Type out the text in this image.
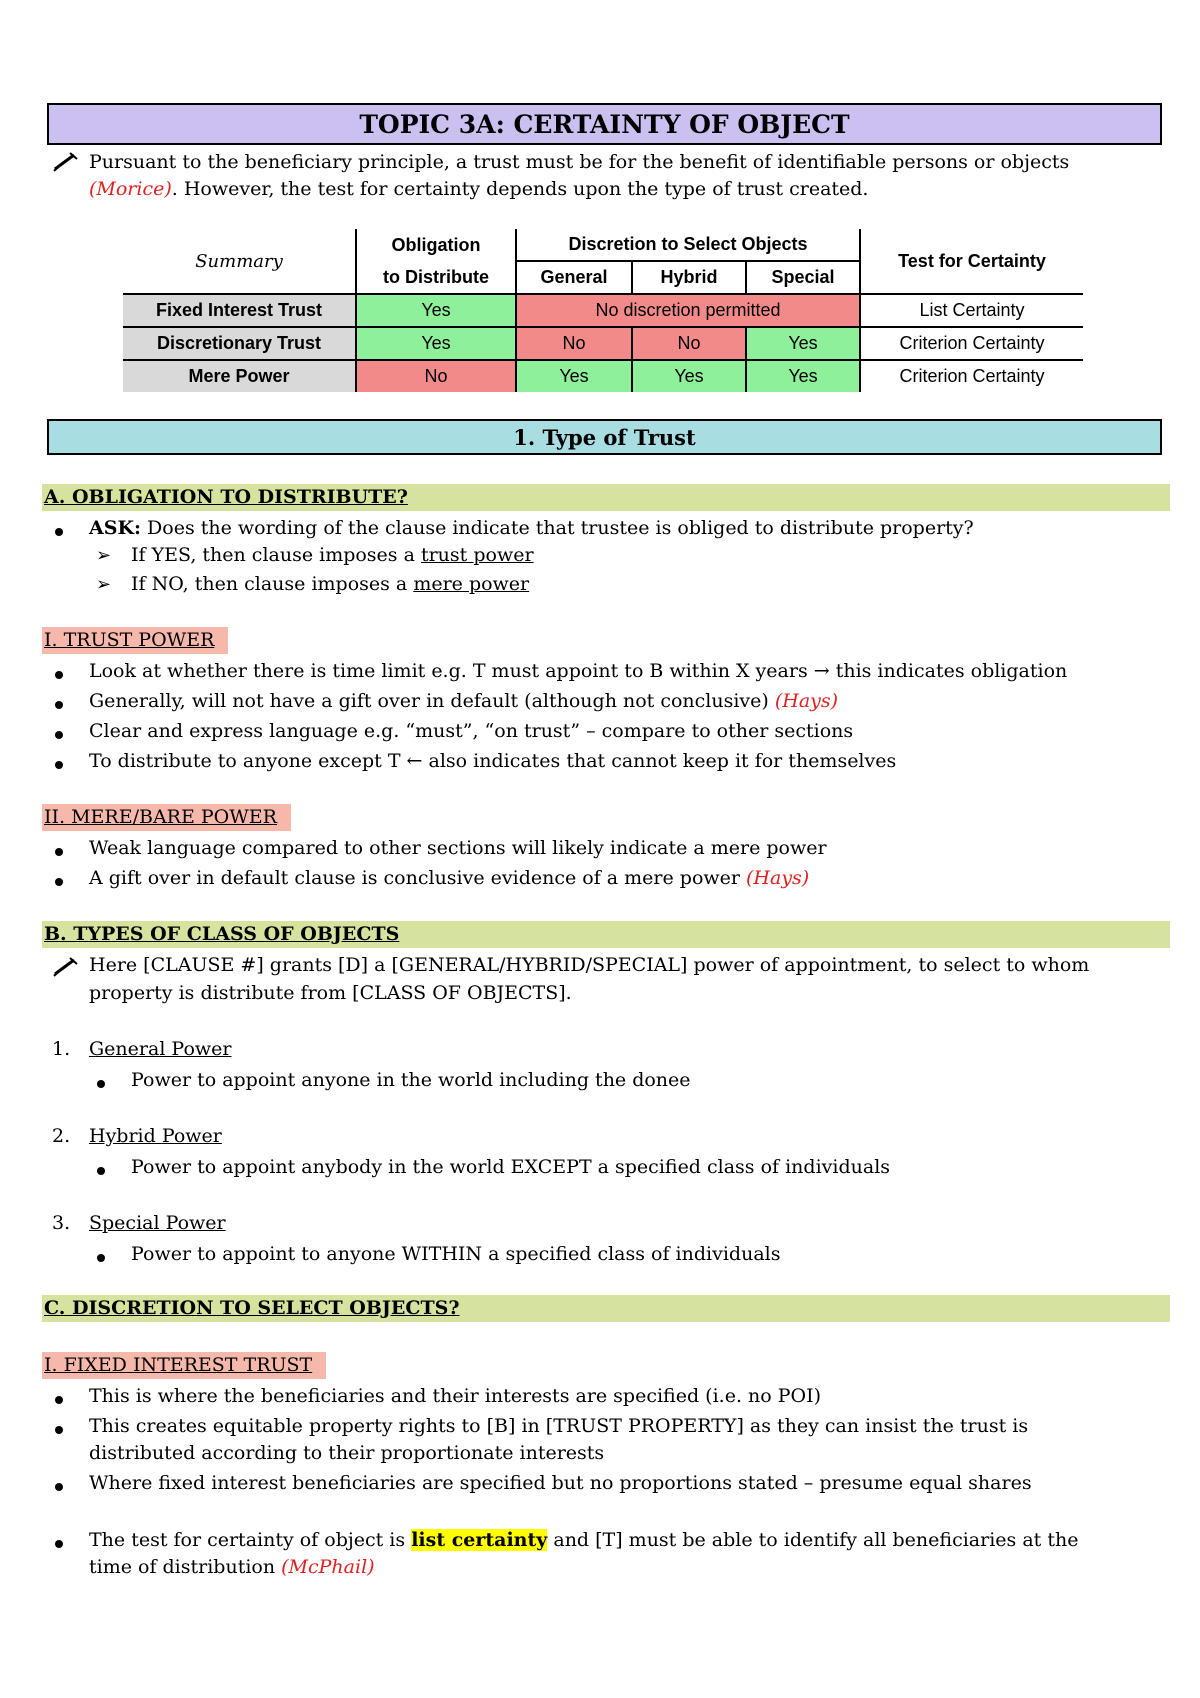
TOPIC 3A: CERTAINTY OF OBJECT
Pursuant to the beneficiary principle, a trust must be for the benefit of identifiable persons or objects
(Morice). However, the test for certainty depends upon the type of trust created.
Summary	Obligation	Discretion to Select Objects			Test for Certainty
	to Distribute	General	Hybrid	Special	
Fixed Interest Trust	Yes	No discretion permitted			List Certainty
Discretionary Trust	Yes	No	No	Yes	Criterion Certainty
Mere Power	No	Yes	Yes	Yes	Criterion Certainty
1. Type of Trust
A. OBLIGATION TO DISTRIBUTE?
ASK: Does the wording of the clause indicate that trustee is obliged to distribute property?
➢ If YES, then clause imposes a trust power
➢ If NO, then clause imposes a mere power
I. TRUST POWER
Look at whether there is time limit e.g. T must appoint to B within X years → this indicates obligation
Generally, will not have a gift over in default (although not conclusive) (Hays)
Clear and express language e.g. “must”, “on trust” – compare to other sections
To distribute to anyone except T ← also indicates that cannot keep it for themselves
II. MERE/BARE POWER
Weak language compared to other sections will likely indicate a mere power
A gift over in default clause is conclusive evidence of a mere power (Hays)
B. TYPES OF CLASS OF OBJECTS
Here [CLAUSE #] grants [D] a [GENERAL/HYBRID/SPECIAL] power of appointment, to select to whom
property is distribute from [CLASS OF OBJECTS].
1. General Power
Power to appoint anyone in the world including the donee
2. Hybrid Power
Power to appoint anybody in the world EXCEPT a specified class of individuals
3. Special Power
Power to appoint to anyone WITHIN a specified class of individuals
C. DISCRETION TO SELECT OBJECTS?
I. FIXED INTEREST TRUST
This is where the beneficiaries and their interests are specified (i.e. no POI)
This creates equitable property rights to [B] in [TRUST PROPERTY] as they can insist the trust is
distributed according to their proportionate interests
Where fixed interest beneficiaries are specified but no proportions stated – presume equal shares
The test for certainty of object is list certainty and [T] must be able to identify all beneficiaries at the
time of distribution (McPhail)
